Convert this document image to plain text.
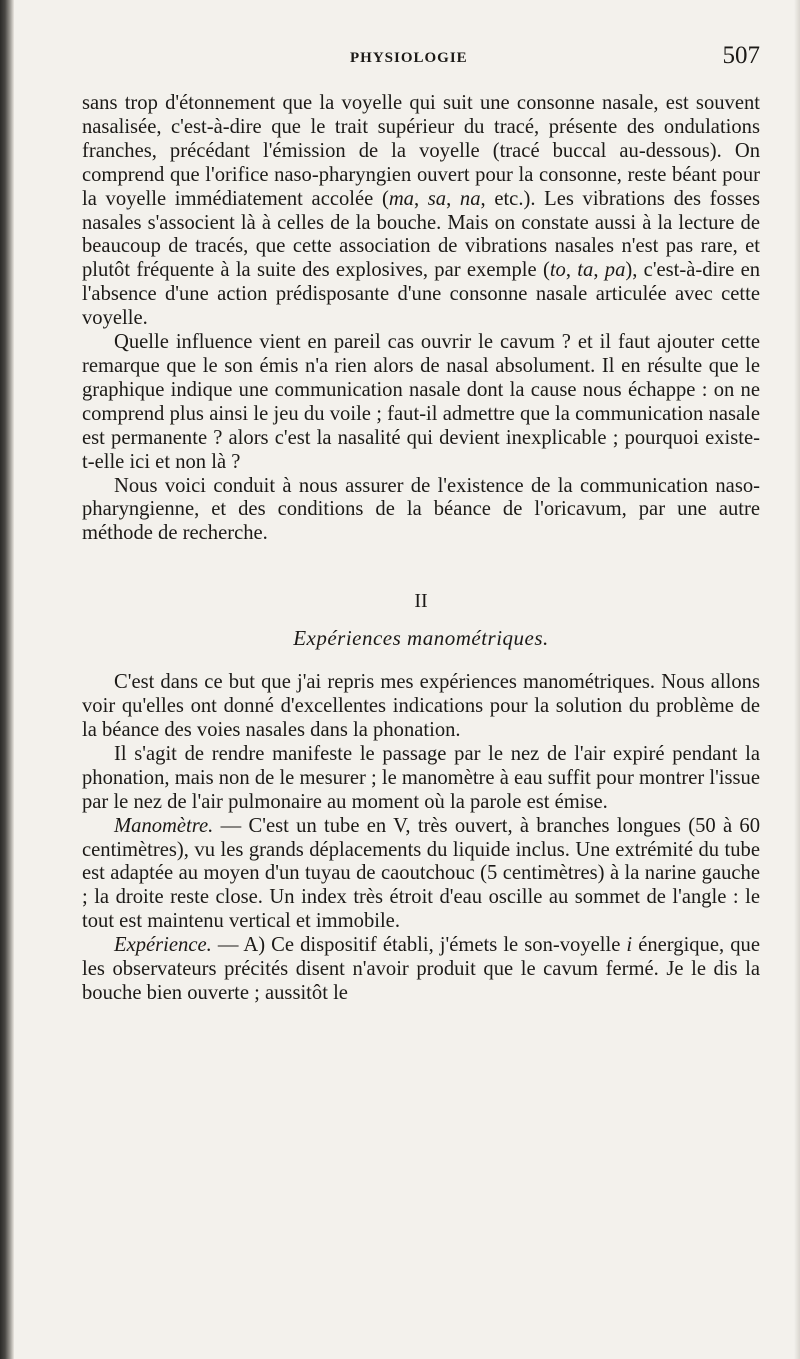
PHYSIOLOGIE	507

sans trop d'étonnement que la voyelle qui suit une consonne nasale, est souvent nasalisée, c'est-à-dire que le trait supérieur du tracé, présente des ondulations franches, précédant l'émission de la voyelle (tracé buccal au-dessous). On comprend que l'orifice naso-pharyngien ouvert pour la consonne, reste béant pour la voyelle immédiatement accolée (ma, sa, na, etc.). Les vibrations des fosses nasales s'associent là à celles de la bouche. Mais on constate aussi à la lecture de beaucoup de tracés, que cette association de vibrations nasales n'est pas rare, et plutôt fréquente à la suite des explosives, par exemple (to, ta, pa), c'est-à-dire en l'absence d'une action prédisposante d'une consonne nasale articulée avec cette voyelle.

Quelle influence vient en pareil cas ouvrir le cavum ? et il faut ajouter cette remarque que le son émis n'a rien alors de nasal absolument. Il en résulte que le graphique indique une communication nasale dont la cause nous échappe : on ne comprend plus ainsi le jeu du voile ; faut-il admettre que la communication nasale est permanente ? alors c'est la nasalité qui devient inexplicable ; pourquoi existe-t-elle ici et non là ?

Nous voici conduit à nous assurer de l'existence de la communication naso-pharyngienne, et des conditions de la béance de l'oricavum, par une autre méthode de recherche.

II
Expériences manométriques.

C'est dans ce but que j'ai repris mes expériences manométriques. Nous allons voir qu'elles ont donné d'excellentes indications pour la solution du problème de la béance des voies nasales dans la phonation.

Il s'agit de rendre manifeste le passage par le nez de l'air expiré pendant la phonation, mais non de le mesurer ; le manomètre à eau suffit pour montrer l'issue par le nez de l'air pulmonaire au moment où la parole est émise.

Manomètre. — C'est un tube en V, très ouvert, à branches longues (50 à 60 centimètres), vu les grands déplacements du liquide inclus. Une extrémité du tube est adaptée au moyen d'un tuyau de caoutchouc (5 centimètres) à la narine gauche ; la droite reste close. Un index très étroit d'eau oscille au sommet de l'angle : le tout est maintenu vertical et immobile.

Expérience. — A) Ce dispositif établi, j'émets le son-voyelle i énergique, que les observateurs précités disent n'avoir produit que le cavum fermé. Je le dis la bouche bien ouverte ; aussitôt le
